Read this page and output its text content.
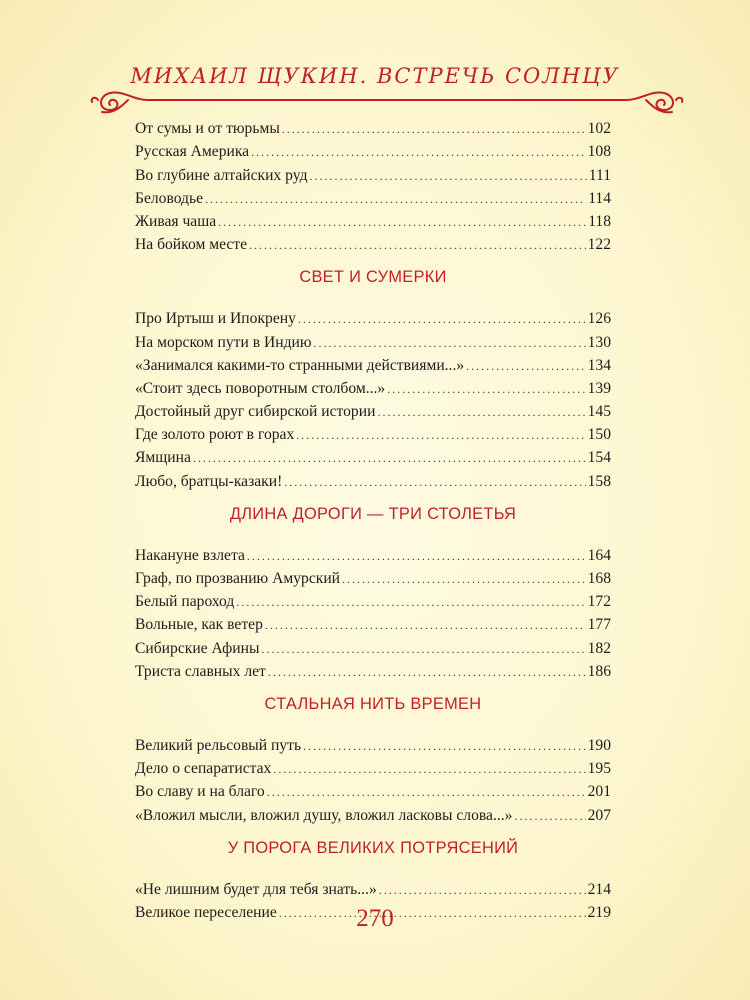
МИХАИЛ ЩУКИН. ВСТРЕЧЬ СОЛНЦУ
От сумы и от тюрьмы . . .	102
Русская Америка . . .	108
Во глубине алтайских руд . . .	111
Беловодье . . .	114
Живая чаша . . .	118
На бойком месте . . .	122
СВЕТ И СУМЕРКИ
Про Иртыш и Ипокрену . . .	126
На морском пути в Индию . . .	130
«Занимался какими-то странными действиями...» . . .	134
«Стоит здесь поворотным столбом...» . . .	139
Достойный друг сибирской истории . . .	145
Где золото роют в горах . . .	150
Ямщина . . .	154
Любо, братцы-казаки! . . .	158
ДЛИНА ДОРОГИ — ТРИ СТОЛЕТЬЯ
Накануне взлета . . .	164
Граф, по прозванию Амурский . . .	168
Белый пароход . . .	172
Вольные, как ветер . . .	177
Сибирские Афины . . .	182
Триста славных лет . . .	186
СТАЛЬНАЯ НИТЬ ВРЕМЕН
Великий рельсовый путь . . .	190
Дело о сепаратистах . . .	195
Во славу и на благо . . .	201
«Вложил мысли, вложил душу, вложил ласковы слова...» . . .	207
У ПОРОГА ВЕЛИКИХ ПОТРЯСЕНИЙ
«Не лишним будет для тебя знать...» . . .	214
Великое переселение . . .	219
270
